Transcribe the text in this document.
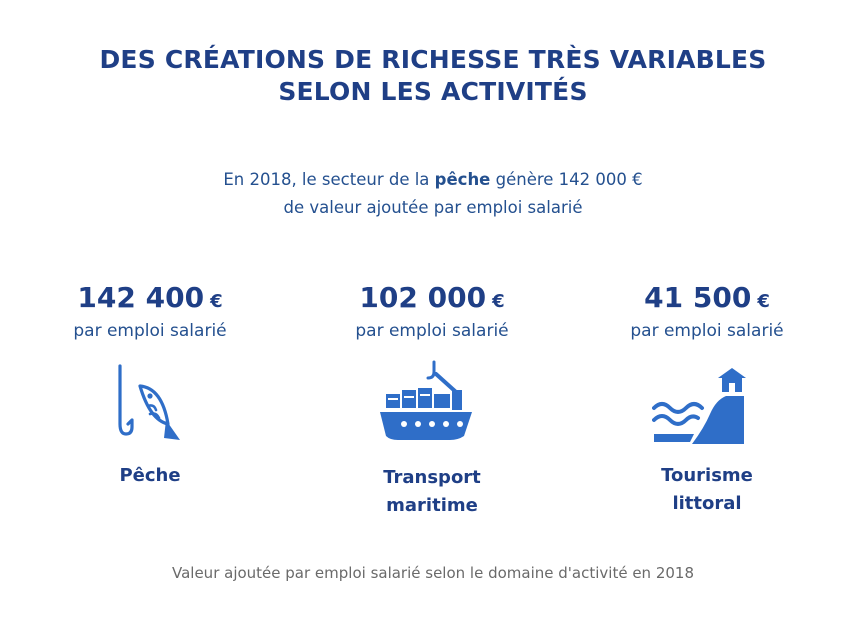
DES CRÉATIONS DE RICHESSE TRÈS VARIABLES
SELON LES ACTIVITÉS
En 2018, le secteur de la pêche génère 142 000 €
de valeur ajoutée par emploi salarié
142 400 €
par emploi salarié
Pêche
102 000 €
par emploi salarié
Transport
maritime
41 500 €
par emploi salarié
Tourisme
littoral
Valeur ajoutée par emploi salarié selon le domaine d'activité en 2018
